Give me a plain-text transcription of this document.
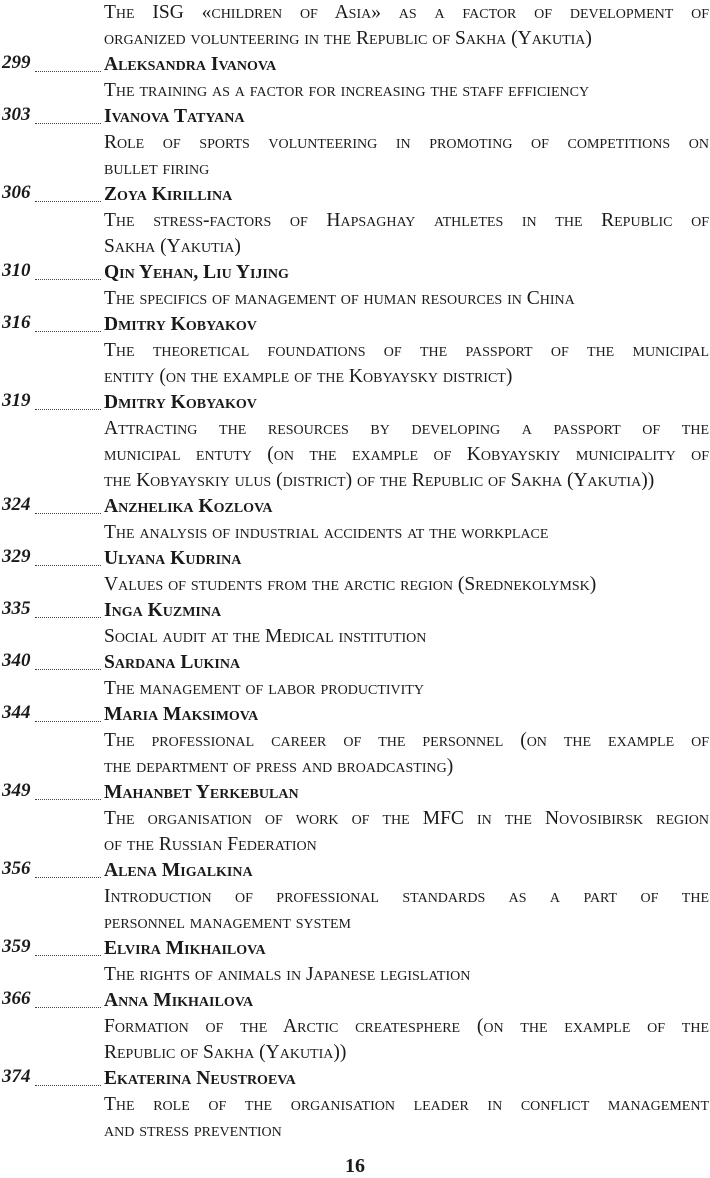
The ISG «children of Asia» as a factor of development of
organized volunteering in the Republic of Sakha (Yakutia)
299	Aleksandra Ivanova
The training as a factor for increasing the staff efficiency
303	Ivanova Tatyana
Role of sports volunteering in promoting of competitions on
bullet firing
306	Zoya Kirillina
The stress-factors of Hapsaghay athletes in the Republic of
Sakha (Yakutia)
310	Qin Yehan, Liu Yijing
The specifics of management of human resources in China
316	Dmitry Kobyakov
The theoretical foundations of the passport of the municipal
entity (on the example of the Kobyaysky district)
319	Dmitry Kobyakov
Attracting the resources by developing a passport of the
municipal entuty (on the example of Kobyayskiy municipality of
the Kobyayskiy ulus (district) of the Republic of Sakha (Yakutia))
324	Anzhelika Kozlova
The analysis of industrial accidents at the workplace
329	Ulyana Kudrina
Values of students from the arctic region (Srednekolymsk)
335	Inga Kuzmina
Social audit at the Medical institution
340	Sardana Lukina
The management of labor productivity
344	Maria Maksimova
The professional career of the personnel (on the example of
the department of press and broadcasting)
349	Mahanbet Yerkebulan
The organisation of work of the MFC in the Novosibirsk region
of the Russian Federation
356	Alena Migalkina
Introduction of professional standards as a part of the
personnel management system
359	Elvira Mikhailova
The rights of animals in Japanese legislation
366	Anna Mikhailova
Formation of the Arctic createsphere (on the example of the
Republic of Sakha (Yakutia))
374	Ekaterina Neustroeva
The role of the organisation leader in conflict management
and stress prevention
16
